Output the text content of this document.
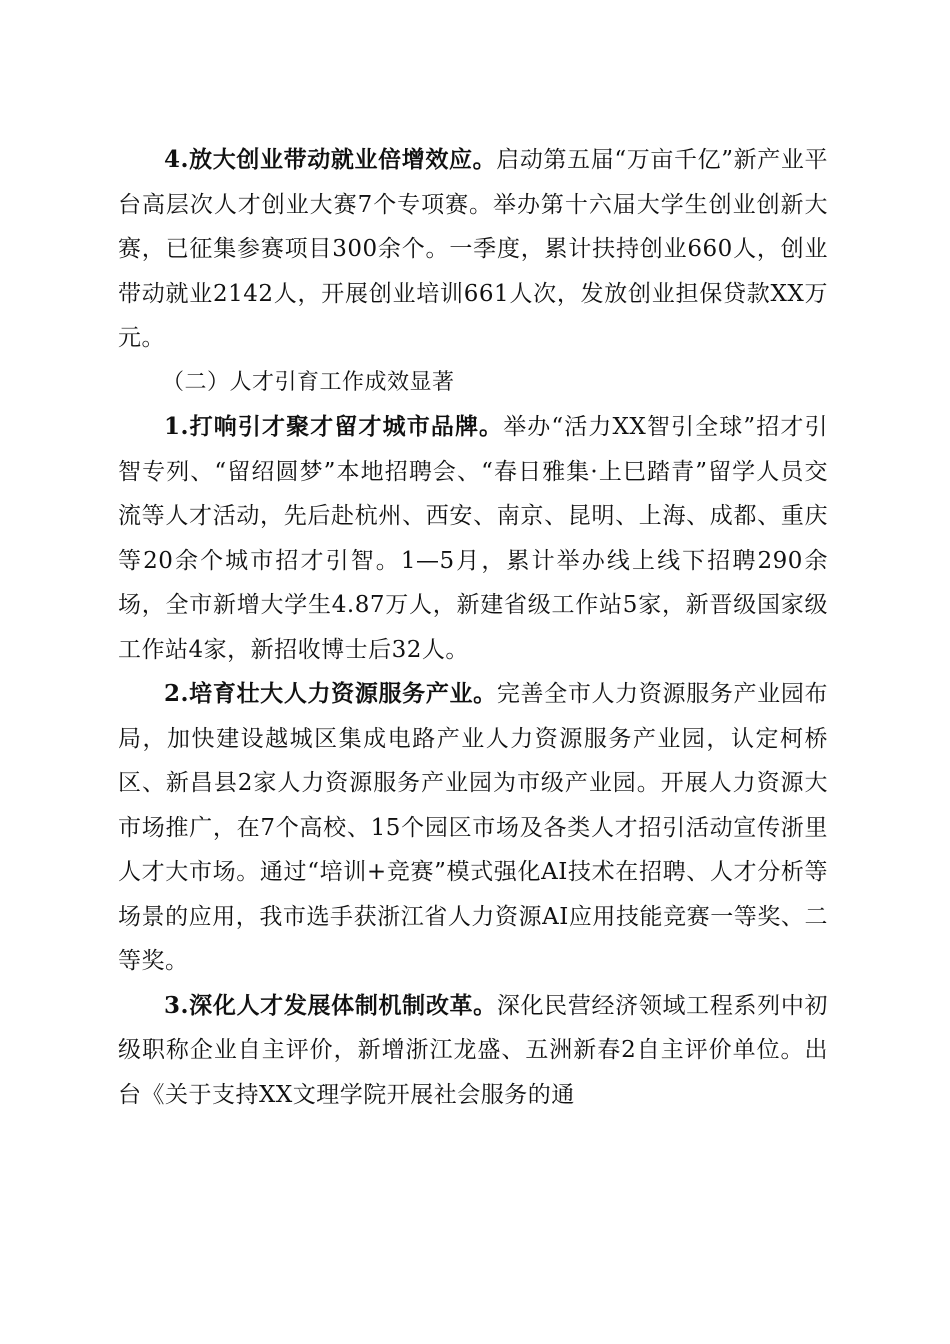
4.放大创业带动就业倍增效应。启动第五届“万亩千亿”新产业平台高层次人才创业大赛7个专项赛。举办第十六届大学生创业创新大赛，已征集参赛项目300余个。一季度，累计扶持创业660人，创业带动就业2142人，开展创业培训661人次，发放创业担保贷款XX万元。

（二）人才引育工作成效显著

1.打响引才聚才留才城市品牌。举办“活力XX智引全球”招才引智专列、“留绍圆梦”本地招聘会、“春日雅集·上巳踏青”留学人员交流等人才活动，先后赴杭州、西安、南京、昆明、上海、成都、重庆等20余个城市招才引智。1—5月，累计举办线上线下招聘290余场，全市新增大学生4.87万人，新建省级工作站5家，新晋级国家级工作站4家，新招收博士后32人。

2.培育壮大人力资源服务产业。完善全市人力资源服务产业园布局，加快建设越城区集成电路产业人力资源服务产业园，认定柯桥区、新昌县2家人力资源服务产业园为市级产业园。开展人力资源大市场推广，在7个高校、15个园区市场及各类人才招引活动宣传浙里人才大市场。通过“培训+竞赛”模式强化AI技术在招聘、人才分析等场景的应用，我市选手获浙江省人力资源AI应用技能竞赛一等奖、二等奖。

3.深化人才发展体制机制改革。深化民营经济领域工程系列中初级职称企业自主评价，新增浙江龙盛、五洲新春2自主评价单位。出台《关于支持XX文理学院开展社会服务的通
